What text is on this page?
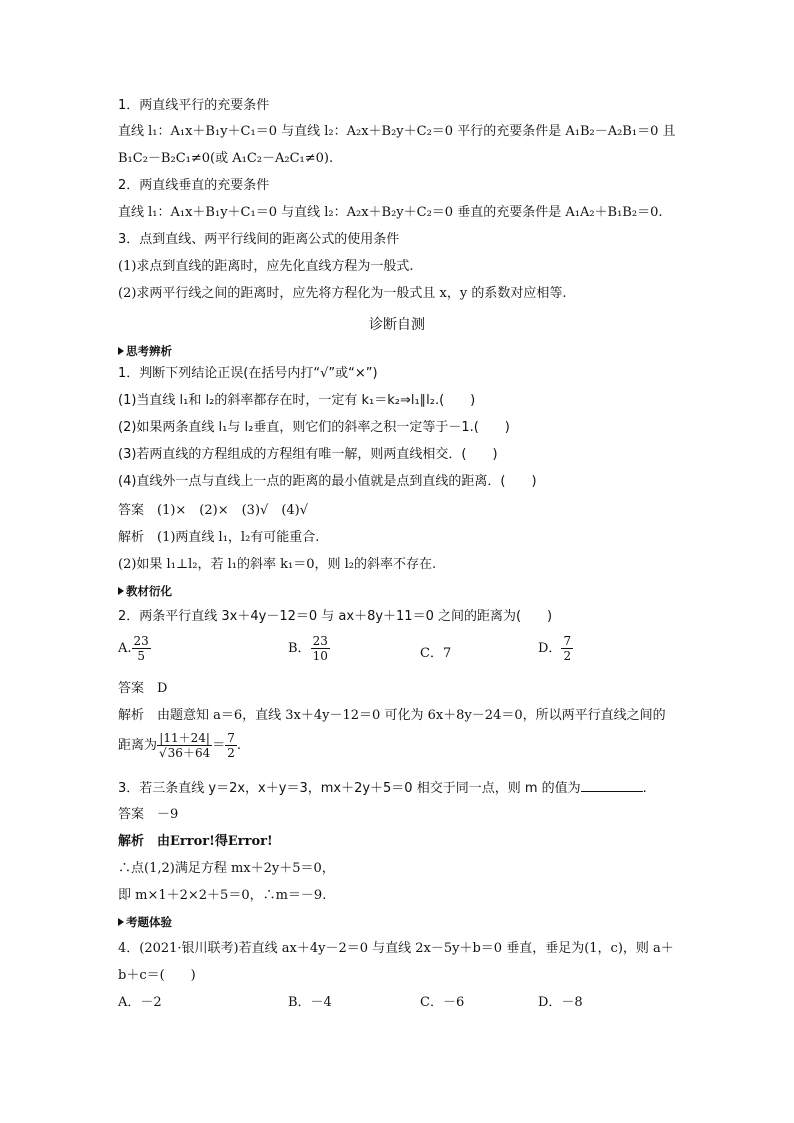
1．两直线平行的充要条件
直线 l₁：A₁x＋B₁y＋C₁＝0 与直线 l₂：A₂x＋B₂y＋C₂＝0 平行的充要条件是 A₁B₂－A₂B₁＝0 且
B₁C₂－B₂C₁≠0(或 A₁C₂－A₂C₁≠0).
2．两直线垂直的充要条件
直线 l₁：A₁x＋B₁y＋C₁＝0 与直线 l₂：A₂x＋B₂y＋C₂＝0 垂直的充要条件是 A₁A₂＋B₁B₂＝0.
3．点到直线、两平行线间的距离公式的使用条件
(1)求点到直线的距离时，应先化直线方程为一般式.
(2)求两平行线之间的距离时，应先将方程化为一般式且 x，y 的系数对应相等.
诊断自测
思考辨析
1．判断下列结论正误(在括号内打“√”或“×”)
(1)当直线 l₁和 l₂的斜率都存在时，一定有 k₁＝k₂⇒l₁∥l₂.(　　)
(2)如果两条直线 l₁与 l₂垂直，则它们的斜率之积一定等于－1.(　　)
(3)若两直线的方程组成的方程组有唯一解，则两直线相交．(　　)
(4)直线外一点与直线上一点的距离的最小值就是点到直线的距离．(　　)
答案　(1)×　(2)×　(3)√　(4)√
解析　(1)两直线 l₁，l₂有可能重合.
(2)如果 l₁⊥l₂，若 l₁的斜率 k₁＝0，则 l₂的斜率不存在.
教材衍化
2．两条平行直线 3x＋4y－12＝0 与 ax＋8y＋11＝0 之间的距离为(　　)
A. $\frac{23}{5}$	B． $\frac{23}{10}$	C．7	D． $\frac{7}{2}$
答案　D
解析　由题意知 a＝6，直线 3x＋4y－12＝0 可化为 6x＋8y－24＝0，所以两平行直线之间的
距离为 $\frac{|11+24|}{√36+64} = \frac{7}{2}$ .
3．若三条直线 y＝2x，x＋y＝3，mx＋2y＋5＝0 相交于同一点，则 m 的值为	.
答案　－9
解析　由Error!得Error!
∴点(1,2)满足方程 mx＋2y＋5＝0，
即 m×1＋2×2＋5＝0，∴m＝－9.
考题体验
4．(2021·银川联考)若直线 ax＋4y－2＝0 与直线 2x－5y＋b＝0 垂直，垂足为(1，c)，则 a＋
b＋c＝(　　)
A．－2	B．－4	C．－6	D．－8
